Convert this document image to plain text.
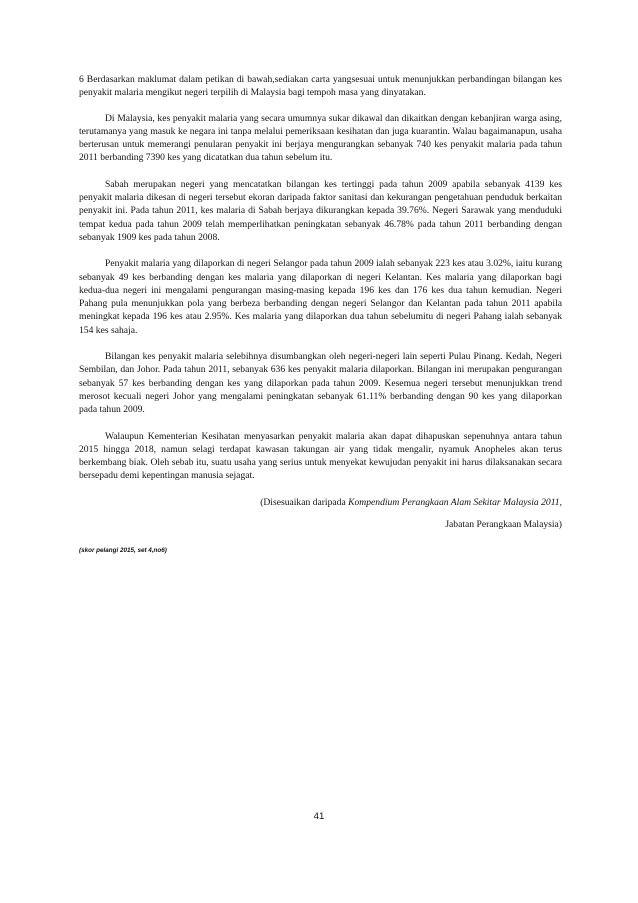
6 Berdasarkan maklumat dalam petikan di bawah,sediakan carta yangsesuai untuk menunjukkan perbandingan bilangan kes penyakit malaria mengikut negeri terpilih di Malaysia bagi tempoh masa yang dinyatakan.

Di Malaysia, kes penyakit malaria yang secara umumnya sukar dikawal dan dikaitkan dengan kebanjiran warga asing, terutamanya yang masuk ke negara ini tanpa melalui pemeriksaan kesihatan dan juga kuarantin. Walau bagaimanapun, usaha berterusan untuk memerangi penularan penyakit ini berjaya mengurangkan sebanyak 740 kes penyakit malaria pada tahun 2011 berbanding 7390 kes yang dicatatkan dua tahun sebelum itu.

Sabah merupakan negeri yang mencatatkan bilangan kes tertinggi pada tahun 2009 apabila sebanyak 4139 kes penyakit malaria dikesan di negeri tersebut ekoran daripada faktor sanitasi dan kekurangan pengetahuan penduduk berkaitan penyakit ini. Pada tahun 2011, kes malaria di Sabah berjaya dikurangkan kepada 39.76%. Negeri Sarawak yang menduduki tempat kedua pada tahun 2009 telah memperlihatkan peningkatan sebanyak 46.78% pada tahun 2011 berbanding dengan sebanyak 1909 kes pada tahun 2008.

Penyakit malaria yang dilaporkan di negeri Selangor pada tahun 2009 ialah sebanyak 223 kes atau 3.02%, iaitu kurang sebanyak 49 kes berbanding dengan kes malaria yang dilaporkan di negeri Kelantan. Kes malaria yang dilaporkan bagi kedua-dua negeri ini mengalami pengurangan masing-masing kepada 196 kes dan 176 kes dua tahun kemudian. Negeri Pahang pula menunjukkan pola yang berbeza berbanding dengan negeri Selangor dan Kelantan pada tahun 2011 apabila meningkat kepada 196 kes atau 2.95%. Kes malaria yang dilaporkan dua tahun sebelumitu di negeri Pahang ialah sebanyak 154 kes sahaja.

Bilangan kes penyakit malaria selebihnya disumbangkan oleh negeri-negeri lain seperti Pulau Pinang. Kedah, Negeri Sembilan, dan Johor. Pada tahun 2011, sebanyak 636 kes penyakit malaria dilaporkan. Bilangan ini merupakan pengurangan sebanyak 57 kes berbanding dengan kes yang dilaporkan pada tahun 2009. Kesemua negeri tersebut menunjukkan trend merosot kecuali negeri Johor yang mengalami peningkatan sebanyak 61.11% berbanding dengan 90 kes yang dilaporkan pada tahun 2009.

Walaupun Kementerian Kesihatan menyasarkan penyakit malaria akan dapat dihapuskan sepenuhnya antara tahun 2015 hingga 2018, namun selagi terdapat kawasan takungan air yang tidak mengalir, nyamuk Anopheles akan terus berkembang biak. Oleh sebab itu, suatu usaha yang serius untuk menyekat kewujudan penyakit ini harus dilaksanakan secara bersepadu demi kepentingan manusia sejagat.

(Disesuaikan daripada Kompendium Perangkaan Alam Sekitar Malaysia 2011,

Jabatan Perangkaan Malaysia)

(skor pelangi 2015, set 4,no6)

41
